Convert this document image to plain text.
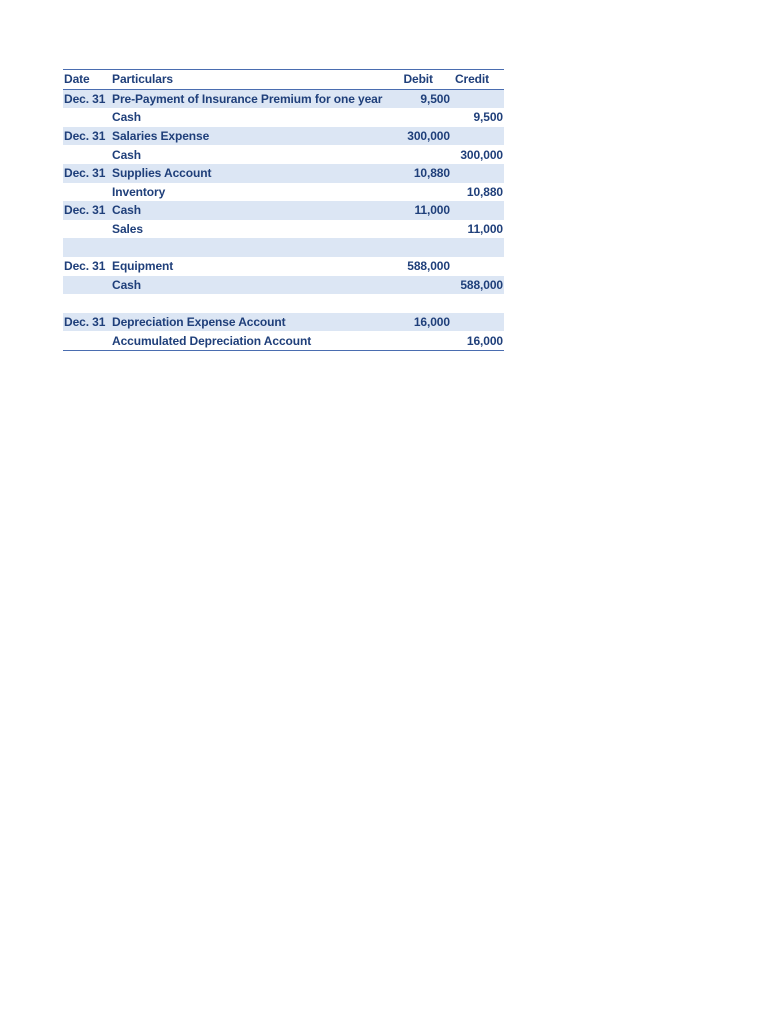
Date	Particulars	Debit	Credit
Dec. 31	Pre-Payment of Insurance Premium for one year	9,500	
	Cash		9,500
Dec. 31	Salaries Expense	300,000	
	Cash		300,000
Dec. 31	Supplies Account	10,880	
	Inventory		10,880
Dec. 31	Cash	11,000	
	Sales		11,000

Dec. 31	Equipment	588,000	
	Cash		588,000

Dec. 31	Depreciation Expense Account	16,000	
	Accumulated Depreciation Account		16,000
